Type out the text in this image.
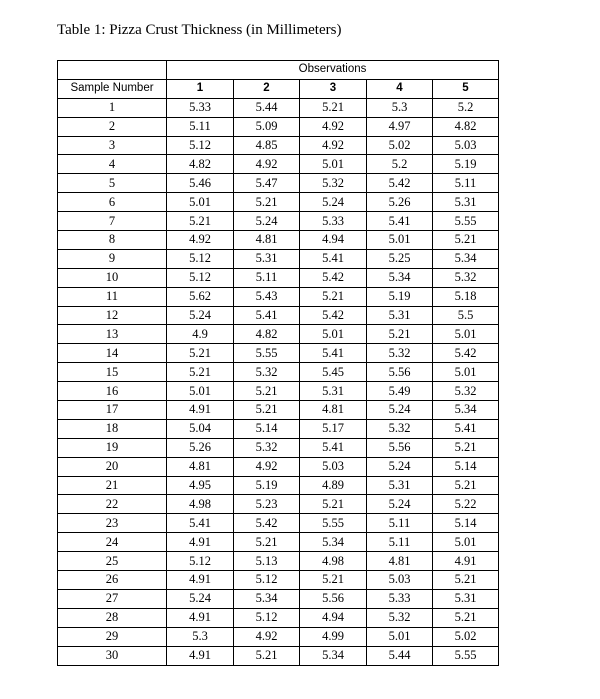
Table 1: Pizza Crust Thickness (in Millimeters)
	Observations				
Sample Number	1	2	3	4	5
1	5.33	5.44	5.21	5.3	5.2
2	5.11	5.09	4.92	4.97	4.82
3	5.12	4.85	4.92	5.02	5.03
4	4.82	4.92	5.01	5.2	5.19
5	5.46	5.47	5.32	5.42	5.11
6	5.01	5.21	5.24	5.26	5.31
7	5.21	5.24	5.33	5.41	5.55
8	4.92	4.81	4.94	5.01	5.21
9	5.12	5.31	5.41	5.25	5.34
10	5.12	5.11	5.42	5.34	5.32
11	5.62	5.43	5.21	5.19	5.18
12	5.24	5.41	5.42	5.31	5.5
13	4.9	4.82	5.01	5.21	5.01
14	5.21	5.55	5.41	5.32	5.42
15	5.21	5.32	5.45	5.56	5.01
16	5.01	5.21	5.31	5.49	5.32
17	4.91	5.21	4.81	5.24	5.34
18	5.04	5.14	5.17	5.32	5.41
19	5.26	5.32	5.41	5.56	5.21
20	4.81	4.92	5.03	5.24	5.14
21	4.95	5.19	4.89	5.31	5.21
22	4.98	5.23	5.21	5.24	5.22
23	5.41	5.42	5.55	5.11	5.14
24	4.91	5.21	5.34	5.11	5.01
25	5.12	5.13	4.98	4.81	4.91
26	4.91	5.12	5.21	5.03	5.21
27	5.24	5.34	5.56	5.33	5.31
28	4.91	5.12	4.94	5.32	5.21
29	5.3	4.92	4.99	5.01	5.02
30	4.91	5.21	5.34	5.44	5.55
